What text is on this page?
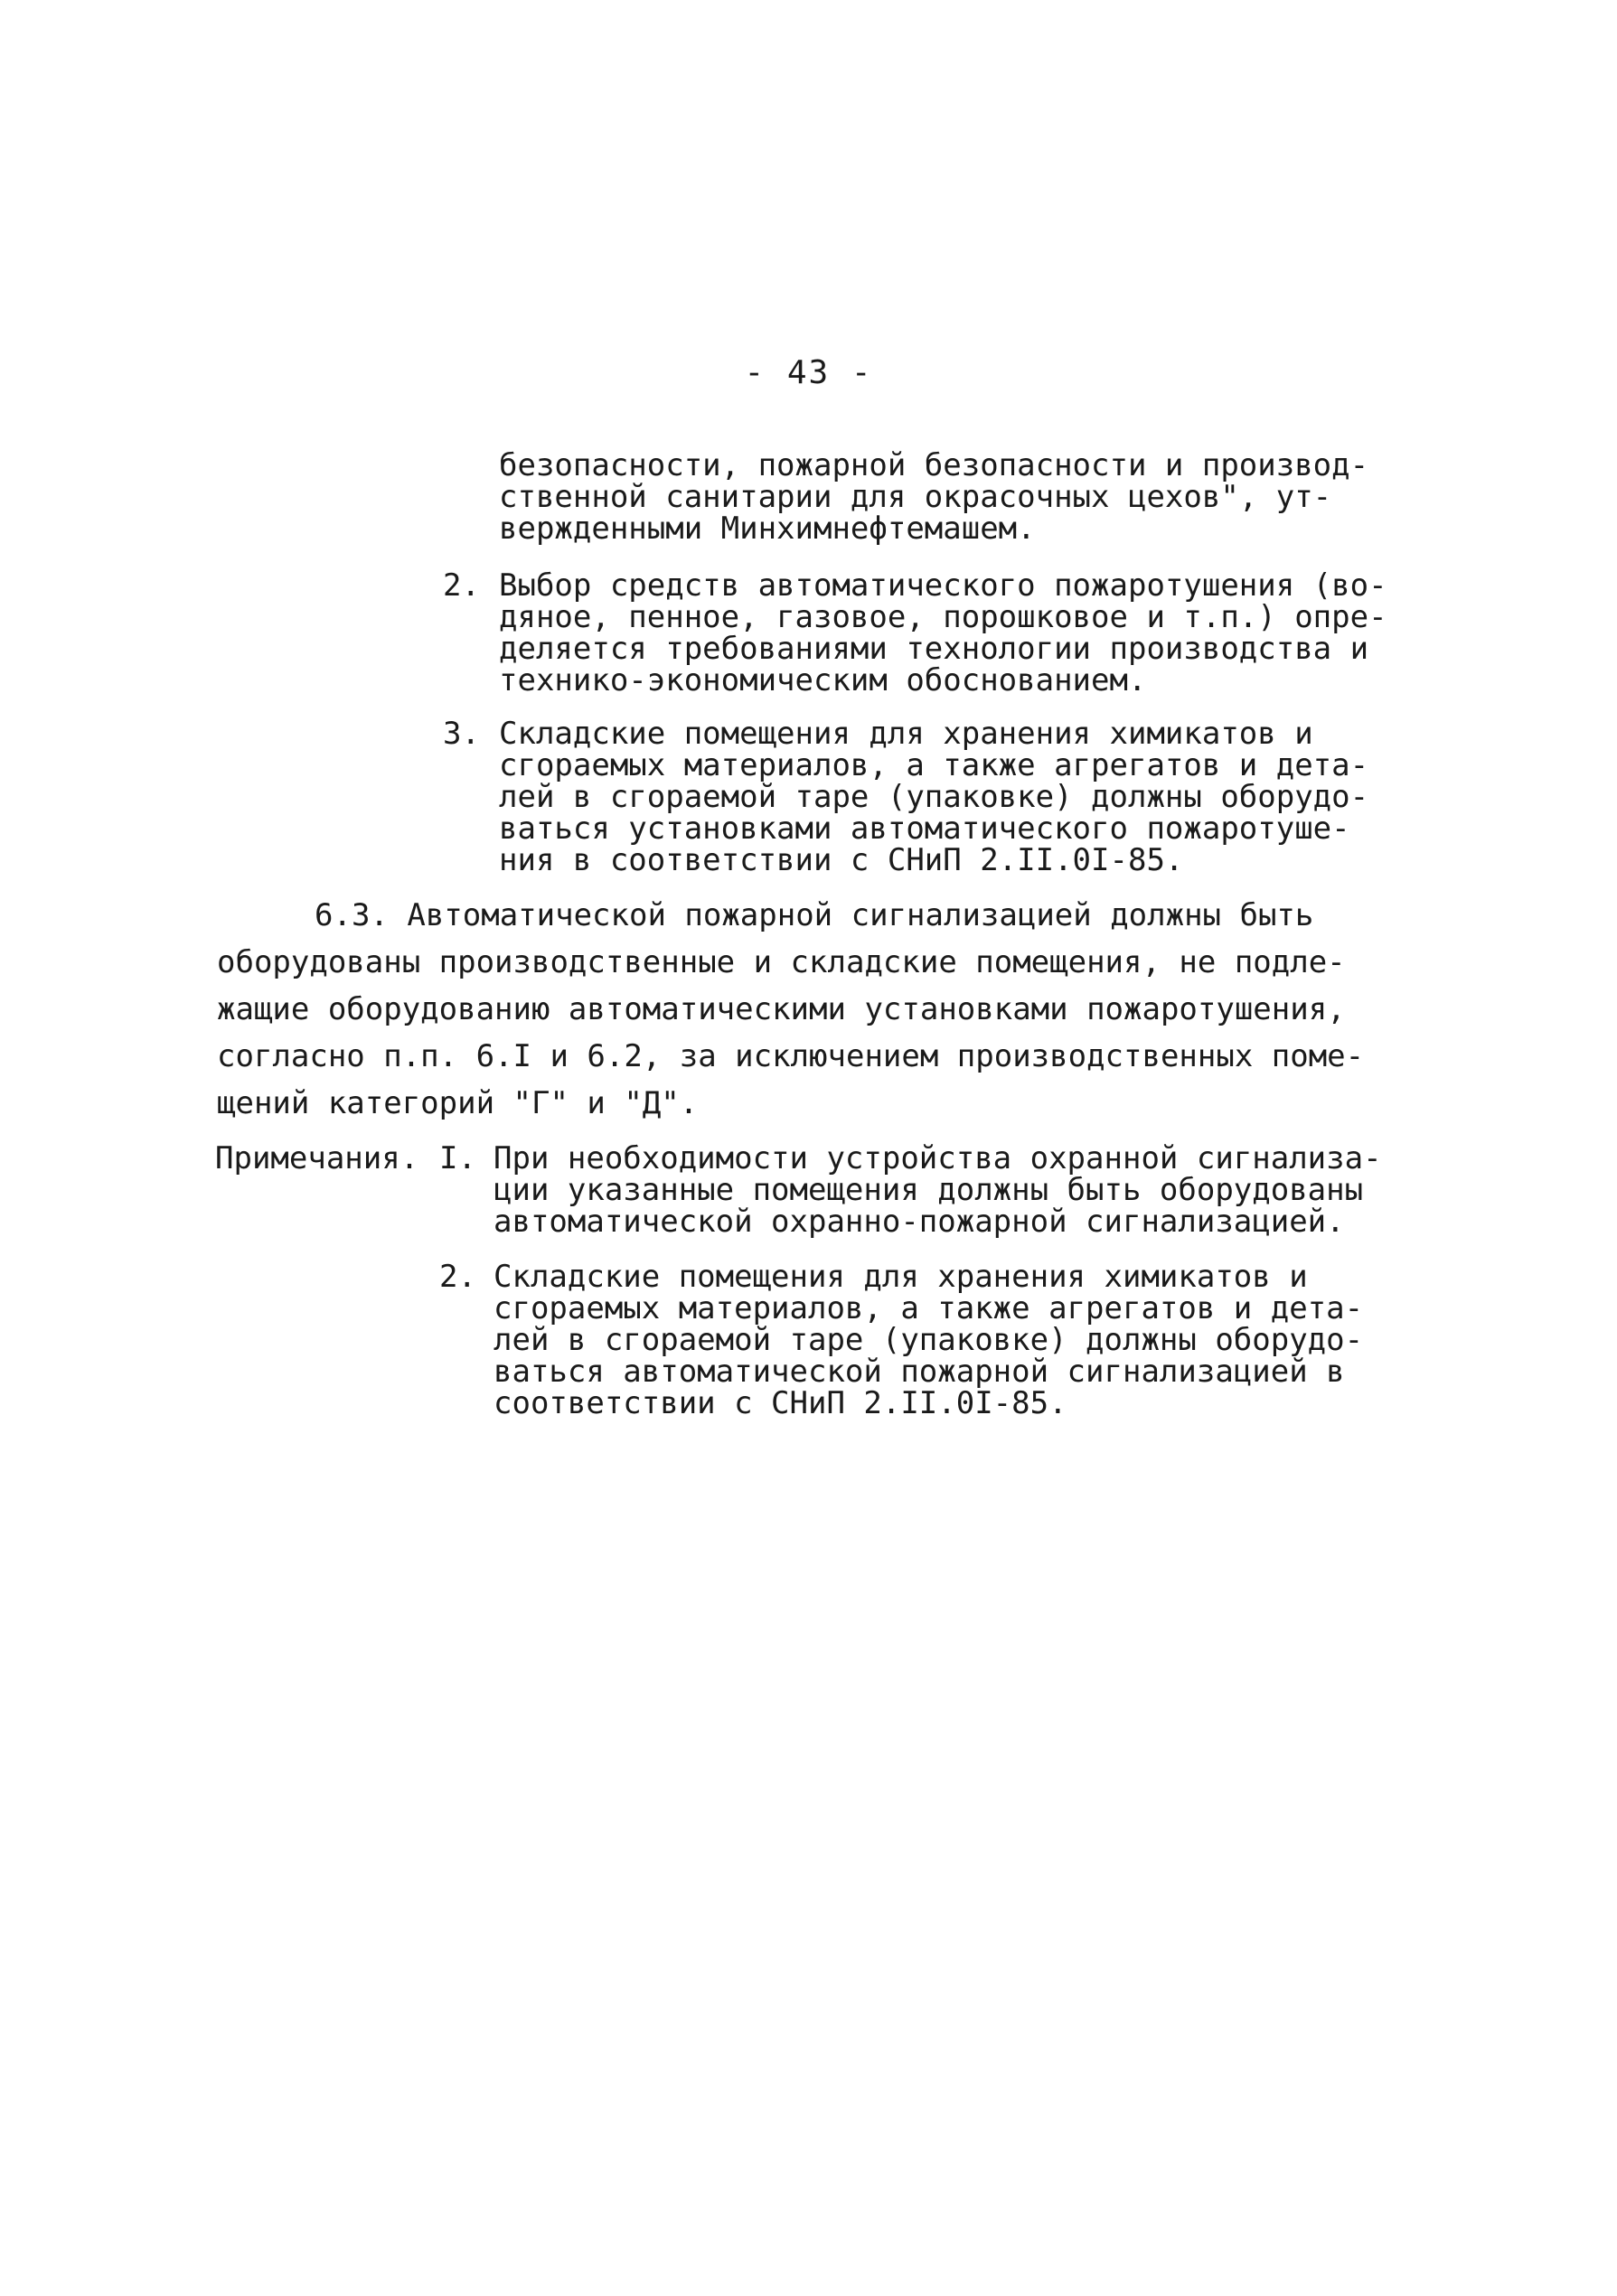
- 43 -
безопасности, пожарной безопасности и производ-
ственной санитарии для окрасочных цехов", ут-
вержденными Минхимнефтемашем.
2. Выбор средств автоматического пожаротушения (во-
дяное, пенное, газовое, порошковое и т.п.) опре-
деляется требованиями технологии производства и
технико-экономическим обоснованием.
3. Складские помещения для хранения химикатов и
сгораемых материалов, а также агрегатов и дета-
лей в сгораемой таре (упаковке) должны оборудо-
ваться установками автоматического пожаротуше-
ния в соответствии с СНиП 2.II.0I-85.
6.3. Автоматической пожарной сигнализацией должны быть
оборудованы производственные и складские помещения, не подле-
жащие оборудованию автоматическими установками пожаротушения,
согласно п.п. 6.I и 6.2, за исключением производственных поме-
щений категорий "Г" и "Д".
Примечания. I. При необходимости устройства охранной сигнализа-
ции указанные помещения должны быть оборудованы
автоматической охранно-пожарной сигнализацией.
2. Складские помещения для хранения химикатов и
сгораемых материалов, а также агрегатов и дета-
лей в сгораемой таре (упаковке) должны оборудо-
ваться автоматической пожарной сигнализацией в
соответствии с СНиП 2.II.0I-85.
